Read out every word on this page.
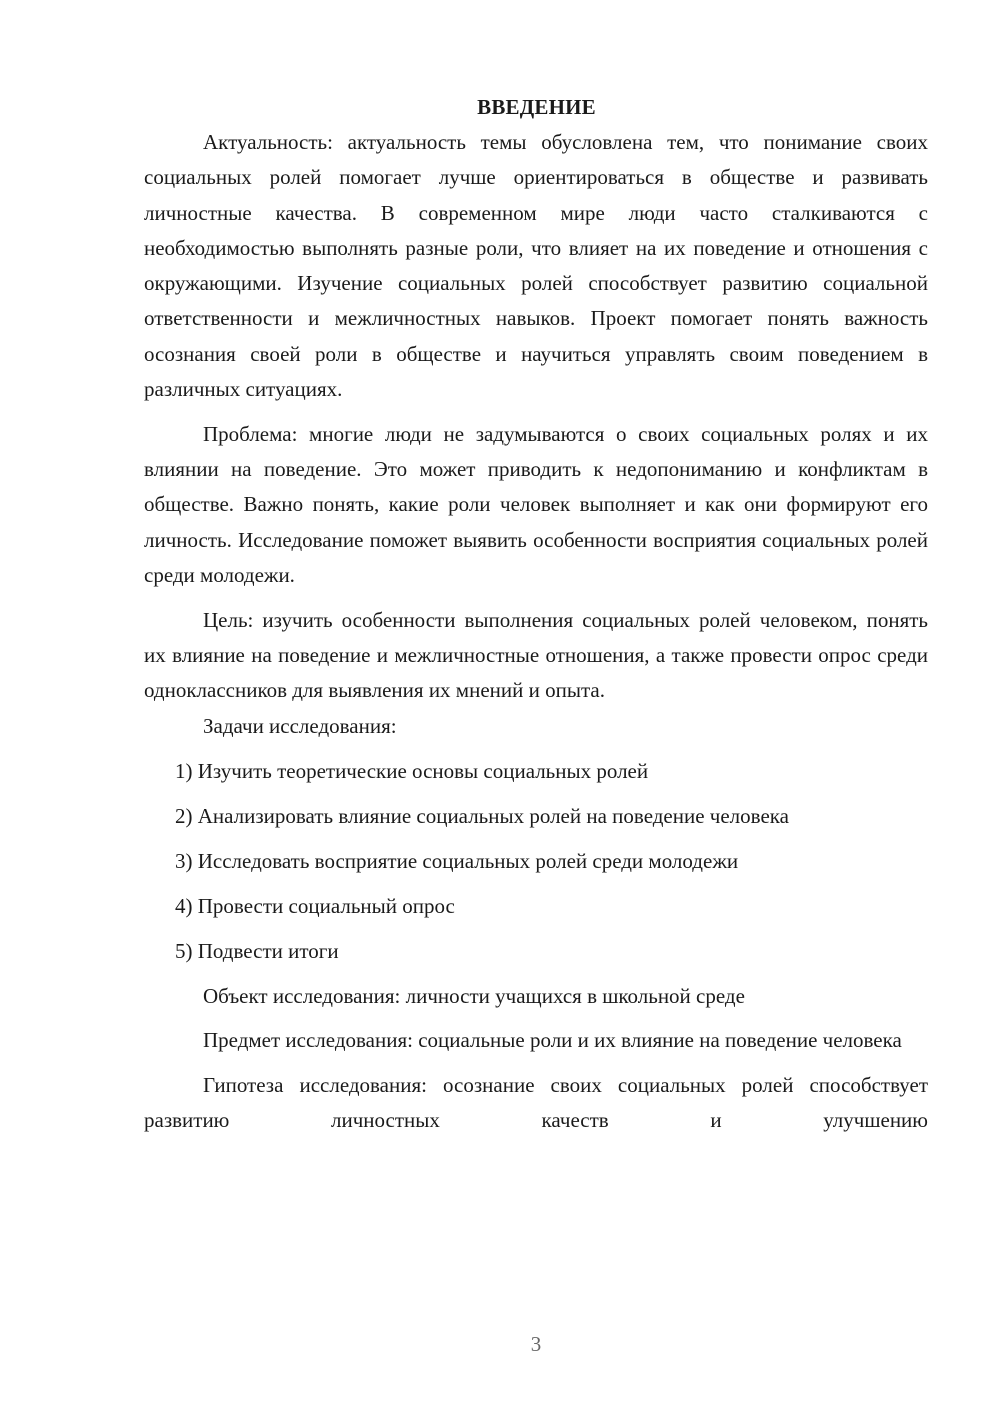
ВВЕДЕНИЕ

Актуальность: актуальность темы обусловлена тем, что понимание своих социальных ролей помогает лучше ориентироваться в обществе и развивать личностные качества. В современном мире люди часто сталкиваются с необходимостью выполнять разные роли, что влияет на их поведение и отношения с окружающими. Изучение социальных ролей способствует развитию социальной ответственности и межличностных навыков. Проект помогает понять важность осознания своей роли в обществе и научиться управлять своим поведением в различных ситуациях.

Проблема: многие люди не задумываются о своих социальных ролях и их влиянии на поведение. Это может приводить к недопониманию и конфликтам в обществе. Важно понять, какие роли человек выполняет и как они формируют его личность. Исследование поможет выявить особенности восприятия социальных ролей среди молодежи.

Цель: изучить особенности выполнения социальных ролей человеком, понять их влияние на поведение и межличностные отношения, а также провести опрос среди одноклассников для выявления их мнений и опыта.

Задачи исследования:

1) Изучить теоретические основы социальных ролей

2) Анализировать влияние социальных ролей на поведение человека

3) Исследовать восприятие социальных ролей среди молодежи

4) Провести социальный опрос

5) Подвести итоги

Объект исследования: личности учащихся в школьной среде

Предмет исследования: социальные роли и их влияние на поведение человека

Гипотеза исследования: осознание своих социальных ролей способствует развитию личностных качеств и улучшению

3
